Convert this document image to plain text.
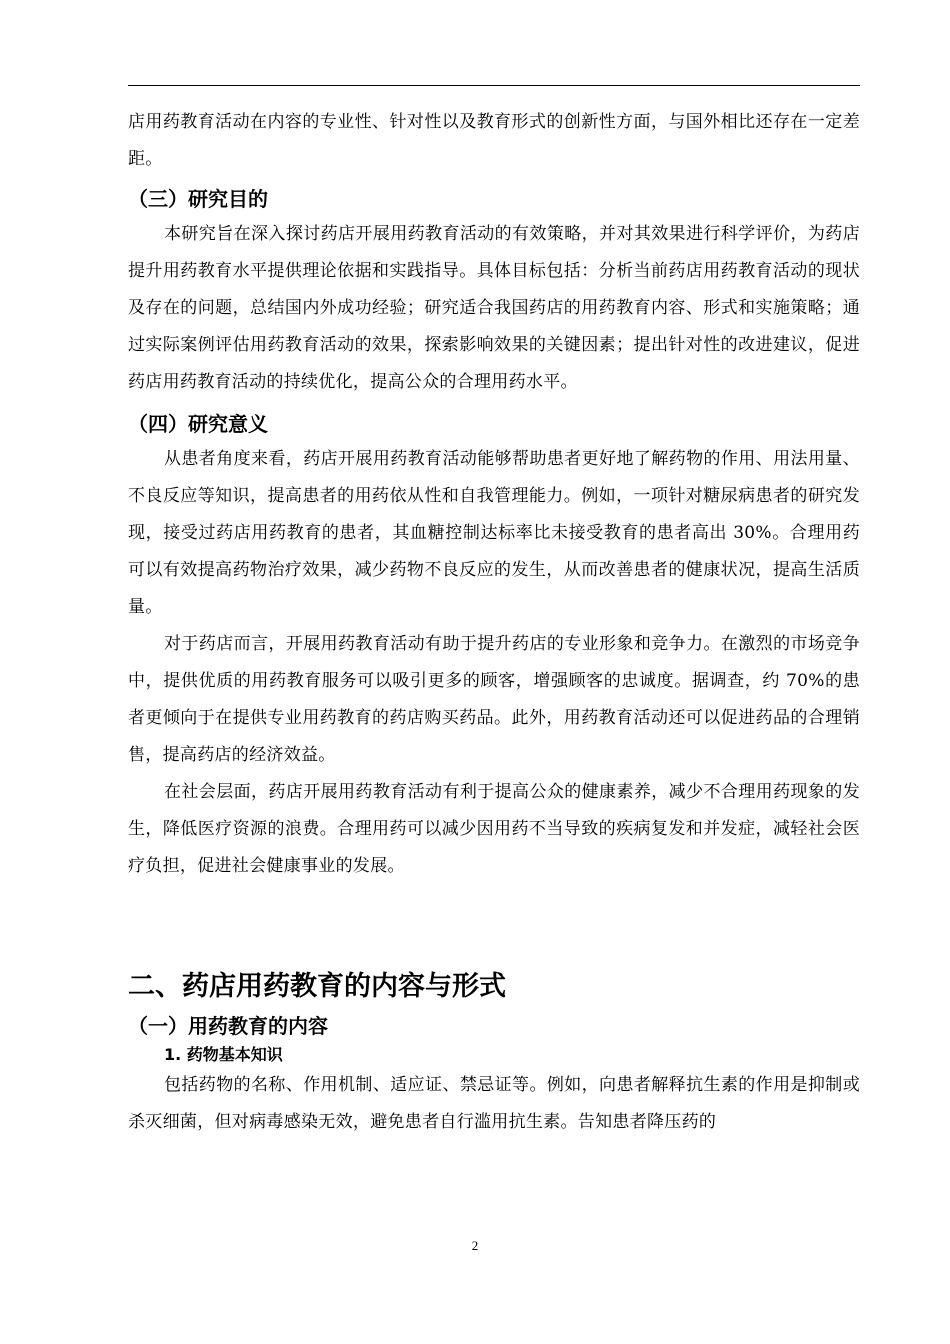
店用药教育活动在内容的专业性、针对性以及教育形式的创新性方面，与国外相比还存在一定差距。

（三）研究目的

本研究旨在深入探讨药店开展用药教育活动的有效策略，并对其效果进行科学评价，为药店提升用药教育水平提供理论依据和实践指导。具体目标包括：分析当前药店用药教育活动的现状及存在的问题，总结国内外成功经验；研究适合我国药店的用药教育内容、形式和实施策略；通过实际案例评估用药教育活动的效果，探索影响效果的关键因素；提出针对性的改进建议，促进药店用药教育活动的持续优化，提高公众的合理用药水平。

（四）研究意义

从患者角度来看，药店开展用药教育活动能够帮助患者更好地了解药物的作用、用法用量、不良反应等知识，提高患者的用药依从性和自我管理能力。例如，一项针对糖尿病患者的研究发现，接受过药店用药教育的患者，其血糖控制达标率比未接受教育的患者高出 30%。合理用药可以有效提高药物治疗效果，减少药物不良反应的发生，从而改善患者的健康状况，提高生活质量。

对于药店而言，开展用药教育活动有助于提升药店的专业形象和竞争力。在激烈的市场竞争中，提供优质的用药教育服务可以吸引更多的顾客，增强顾客的忠诚度。据调查，约 70%的患者更倾向于在提供专业用药教育的药店购买药品。此外，用药教育活动还可以促进药品的合理销售，提高药店的经济效益。

在社会层面，药店开展用药教育活动有利于提高公众的健康素养，减少不合理用药现象的发生，降低医疗资源的浪费。合理用药可以减少因用药不当导致的疾病复发和并发症，减轻社会医疗负担，促进社会健康事业的发展。

二、药店用药教育的内容与形式
（一）用药教育的内容
1. 药物基本知识

包括药物的名称、作用机制、适应证、禁忌证等。例如，向患者解释抗生素的作用是抑制或杀灭细菌，但对病毒感染无效，避免患者自行滥用抗生素。告知患者降压药的

2
